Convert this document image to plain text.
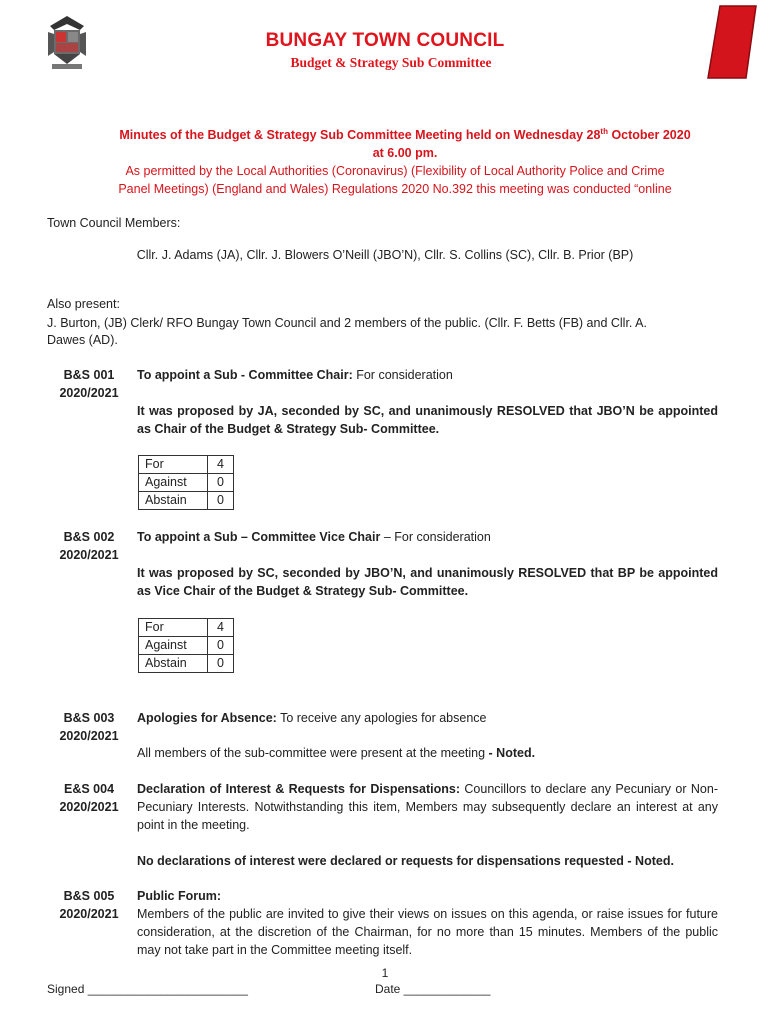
BUNGAY TOWN COUNCIL
Budget & Strategy Sub Committee
Minutes of the Budget & Strategy Sub Committee Meeting held on Wednesday 28th October 2020
at 6.00 pm.
As permitted by the Local Authorities (Coronavirus) (Flexibility of Local Authority Police and Crime
Panel Meetings) (England and Wales) Regulations 2020 No.392 this meeting was conducted “online
Town Council Members:
Cllr. J. Adams (JA), Cllr. J. Blowers O’Neill (JBO’N), Cllr. S. Collins (SC), Cllr. B. Prior (BP)
Also present:
J. Burton, (JB) Clerk/ RFO Bungay Town Council and 2 members of the public. (Cllr. F. Betts (FB) and Cllr. A.
Dawes (AD).
B&S 001
2020/2021
To appoint a Sub - Committee Chair: For consideration
It was proposed by JA, seconded by SC, and unanimously RESOLVED that JBO’N be appointed as Chair of the Budget & Strategy Sub- Committee.
For	4
Against	0
Abstain	0
B&S 002
2020/2021
To appoint a Sub – Committee Vice Chair – For consideration
It was proposed by SC, seconded by JBO’N, and unanimously RESOLVED that BP be appointed as Vice Chair of the Budget & Strategy Sub- Committee.
For	4
Against	0
Abstain	0
B&S 003
2020/2021
Apologies for Absence: To receive any apologies for absence
All members of the sub-committee were present at the meeting - Noted.
E&S 004
2020/2021
Declaration of Interest & Requests for Dispensations: Councillors to declare any Pecuniary or Non-Pecuniary Interests. Notwithstanding this item, Members may subsequently declare an interest at any point in the meeting.
No declarations of interest were declared or requests for dispensations requested - Noted.
B&S 005
2020/2021
Public Forum:
Members of the public are invited to give their views on issues on this agenda, or raise issues for future consideration, at the discretion of the Chairman, for no more than 15 minutes. Members of the public may not take part in the Committee meeting itself.
1
Signed ________________________	Date _____________
